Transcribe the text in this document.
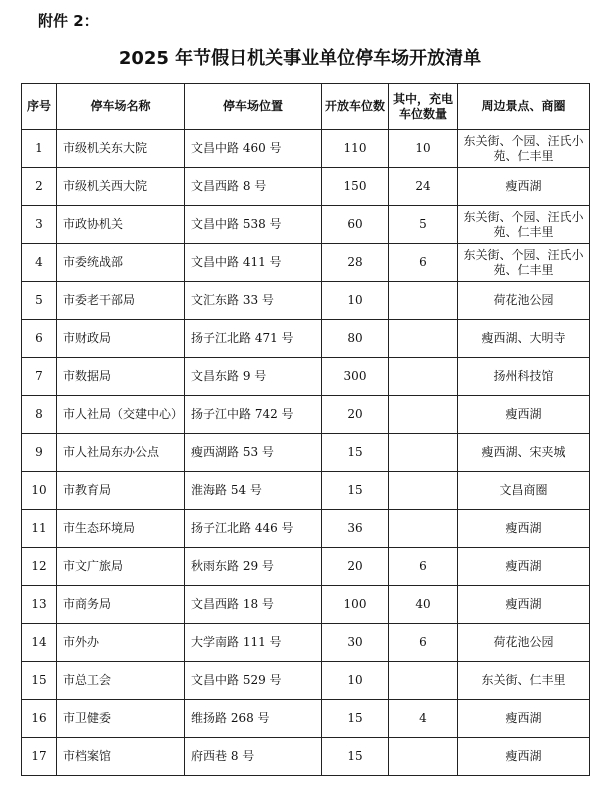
附件 2：
2025 年节假日机关事业单位停车场开放清单
序号	停车场名称	停车场位置	开放车位数	其中，充电车位数量	周边景点、商圈
1	市级机关东大院	文昌中路 460 号	110	10	东关街、个园、汪氏小苑、仁丰里
2	市级机关西大院	文昌西路 8 号	150	24	瘦西湖
3	市政协机关	文昌中路 538 号	60	5	东关街、个园、汪氏小苑、仁丰里
4	市委统战部	文昌中路 411 号	28	6	东关街、个园、汪氏小苑、仁丰里
5	市委老干部局	文汇东路 33 号	10		荷花池公园
6	市财政局	扬子江北路 471 号	80		瘦西湖、大明寺
7	市数据局	文昌东路 9 号	300		扬州科技馆
8	市人社局（交建中心）	扬子江中路 742 号	20		瘦西湖
9	市人社局东办公点	瘦西湖路 53 号	15		瘦西湖、宋夹城
10	市教育局	淮海路 54 号	15		文昌商圈
11	市生态环境局	扬子江北路 446 号	36		瘦西湖
12	市文广旅局	秋雨东路 29 号	20	6	瘦西湖
13	市商务局	文昌西路 18 号	100	40	瘦西湖
14	市外办	大学南路 111 号	30	6	荷花池公园
15	市总工会	文昌中路 529 号	10		东关街、仁丰里
16	市卫健委	维扬路 268 号	15	4	瘦西湖
17	市档案馆	府西巷 8 号	15		瘦西湖
